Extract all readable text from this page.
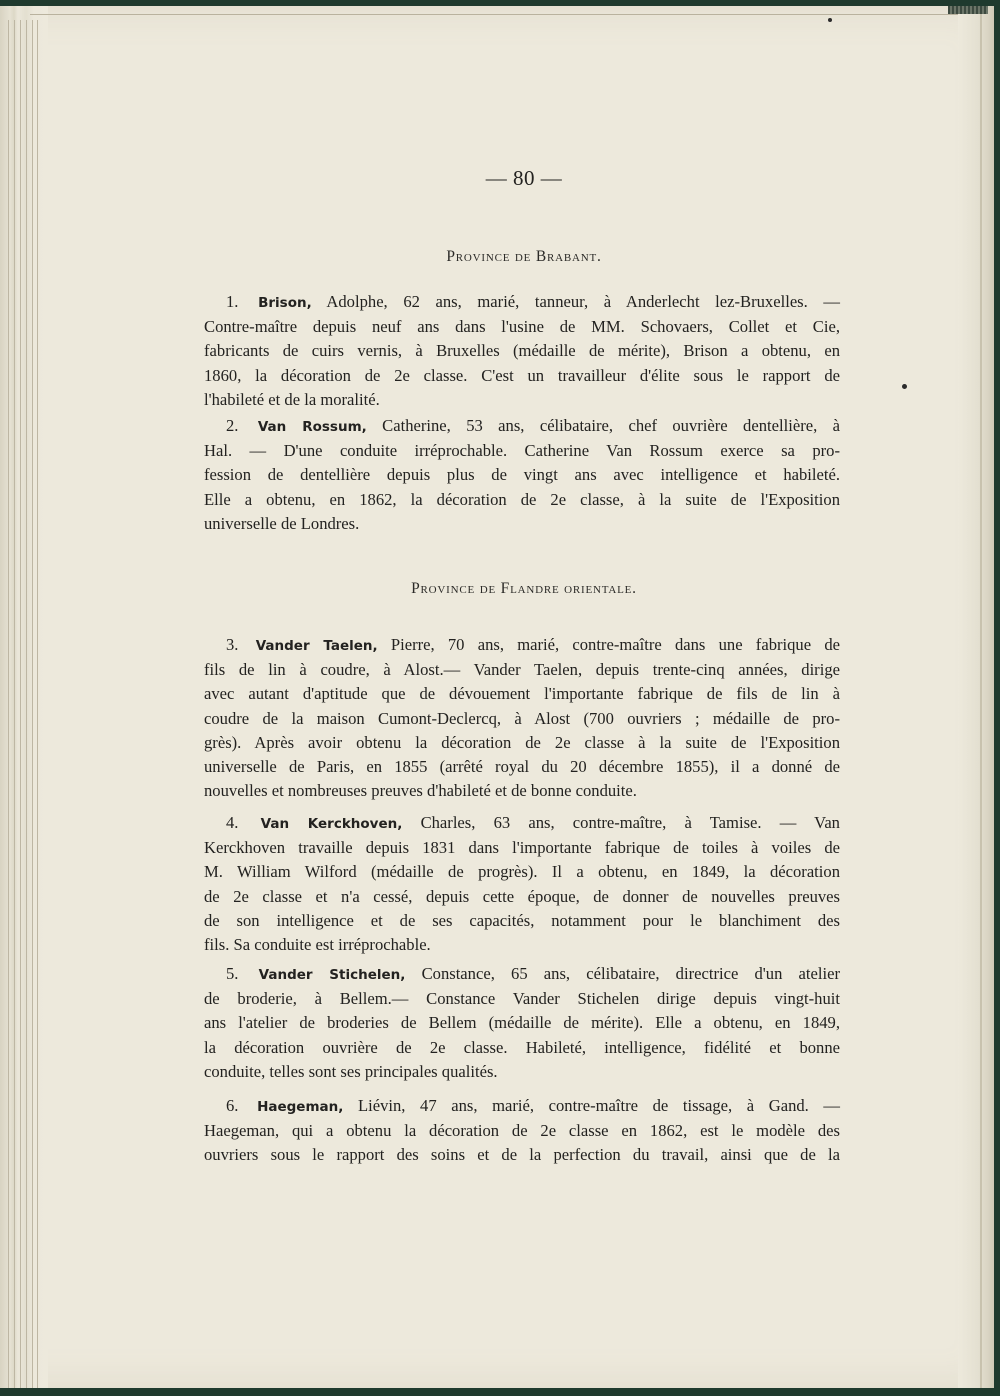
— 80 —
Province de Brabant.
1. Brison, Adolphe, 62 ans, marié, tanneur, à Anderlecht lez-Bruxelles. —
Contre-maître depuis neuf ans dans l'usine de MM. Schovaers, Collet et Cie,
fabricants de cuirs vernis, à Bruxelles (médaille de mérite), Brison a obtenu, en
1860, la décoration de 2e classe. C'est un travailleur d'élite sous le rapport de
l'habileté et de la moralité.
2. Van Rossum, Catherine, 53 ans, célibataire, chef ouvrière dentellière, à
Hal. — D'une conduite irréprochable. Catherine Van Rossum exerce sa pro-
fession de dentellière depuis plus de vingt ans avec intelligence et habileté.
Elle a obtenu, en 1862, la décoration de 2e classe, à la suite de l'Exposition
universelle de Londres.
Province de Flandre orientale.
3. Vander Taelen, Pierre, 70 ans, marié, contre-maître dans une fabrique de
fils de lin à coudre, à Alost.— Vander Taelen, depuis trente-cinq années, dirige
avec autant d'aptitude que de dévouement l'importante fabrique de fils de lin à
coudre de la maison Cumont-Declercq, à Alost (700 ouvriers ; médaille de pro-
grès). Après avoir obtenu la décoration de 2e classe à la suite de l'Exposition
universelle de Paris, en 1855 (arrêté royal du 20 décembre 1855), il a donné de
nouvelles et nombreuses preuves d'habileté et de bonne conduite.
4. Van Kerckhoven, Charles, 63 ans, contre-maître, à Tamise. — Van
Kerckhoven travaille depuis 1831 dans l'importante fabrique de toiles à voiles de
M. William Wilford (médaille de progrès). Il a obtenu, en 1849, la décoration
de 2e classe et n'a cessé, depuis cette époque, de donner de nouvelles preuves
de son intelligence et de ses capacités, notamment pour le blanchiment des
fils. Sa conduite est irréprochable.
5. Vander Stichelen, Constance, 65 ans, célibataire, directrice d'un atelier
de broderie, à Bellem.— Constance Vander Stichelen dirige depuis vingt-huit
ans l'atelier de broderies de Bellem (médaille de mérite). Elle a obtenu, en 1849,
la décoration ouvrière de 2e classe. Habileté, intelligence, fidélité et bonne
conduite, telles sont ses principales qualités.
6. Haegeman, Liévin, 47 ans, marié, contre-maître de tissage, à Gand. —
Haegeman, qui a obtenu la décoration de 2e classe en 1862, est le modèle des
ouvriers sous le rapport des soins et de la perfection du travail, ainsi que de la
